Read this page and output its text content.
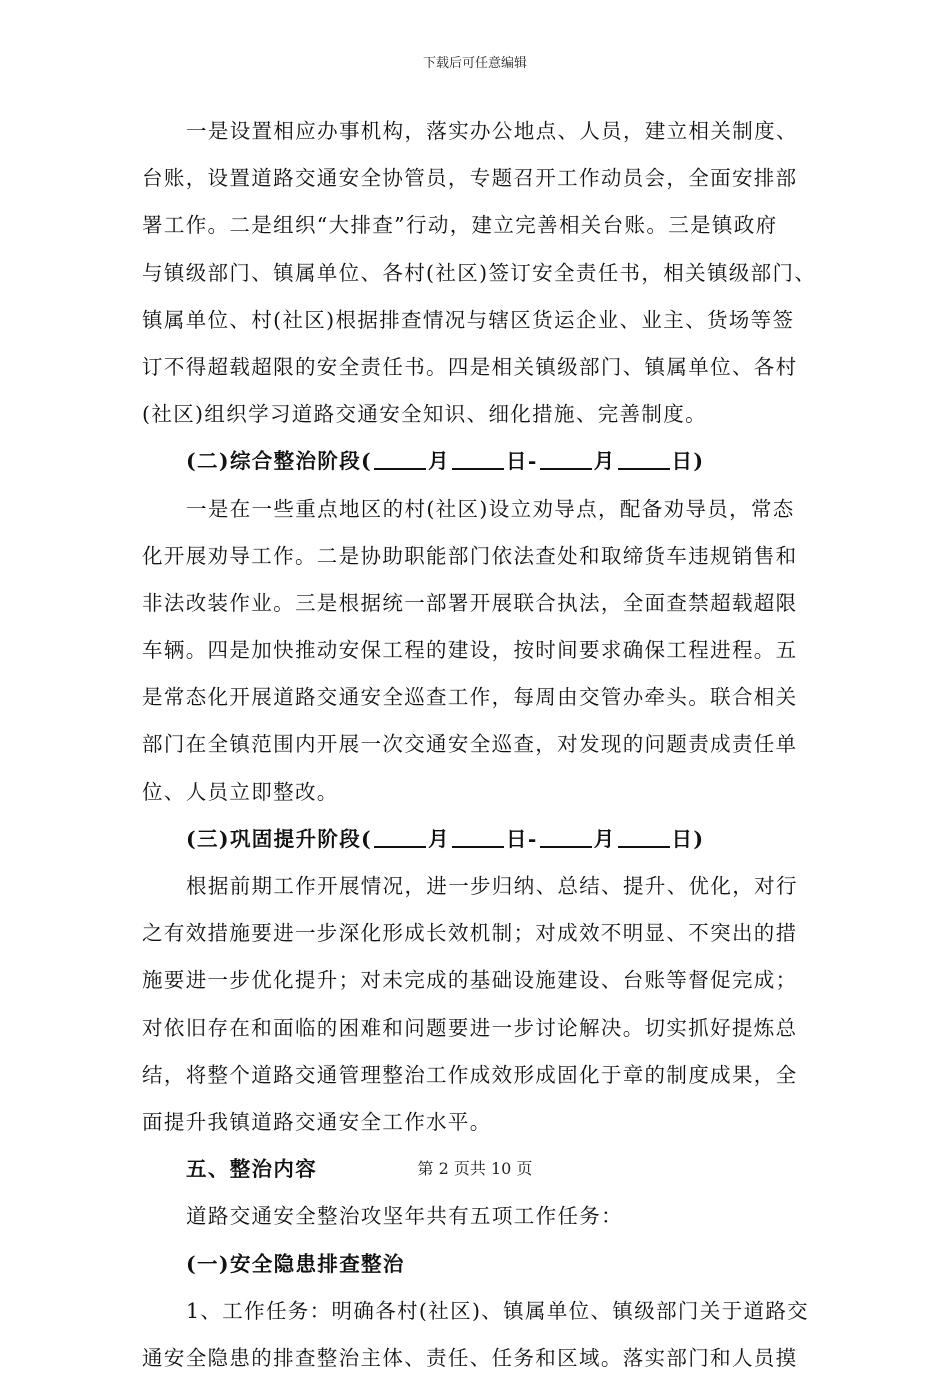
下载后可任意编辑
一是设置相应办事机构，落实办公地点、人员，建立相关制度、
台账，设置道路交通安全协管员，专题召开工作动员会，全面安排部
署工作。二是组织“大排查”行动，建立完善相关台账。三是镇政府
与镇级部门、镇属单位、各村(社区)签订安全责任书，相关镇级部门、
镇属单位、村(社区)根据排查情况与辖区货运企业、业主、货场等签
订不得超载超限的安全责任书。四是相关镇级部门、镇属单位、各村
(社区)组织学习道路交通安全知识、细化措施、完善制度。
(二)综合整治阶段(	月	日-	月	日)
一是在一些重点地区的村(社区)设立劝导点，配备劝导员，常态
化开展劝导工作。二是协助职能部门依法查处和取缔货车违规销售和
非法改装作业。三是根据统一部署开展联合执法，全面查禁超载超限
车辆。四是加快推动安保工程的建设，按时间要求确保工程进程。五
是常态化开展道路交通安全巡查工作，每周由交管办牵头。联合相关
部门在全镇范围内开展一次交通安全巡查，对发现的问题责成责任单
位、人员立即整改。
(三)巩固提升阶段(	月	日-	月	日)
根据前期工作开展情况，进一步归纳、总结、提升、优化，对行
之有效措施要进一步深化形成长效机制；对成效不明显、不突出的措
施要进一步优化提升；对未完成的基础设施建设、台账等督促完成；
对依旧存在和面临的困难和问题要进一步讨论解决。切实抓好提炼总
结，将整个道路交通管理整治工作成效形成固化于章的制度成果，全
面提升我镇道路交通安全工作水平。
五、整治内容
道路交通安全整治攻坚年共有五项工作任务：
(一)安全隐患排查整治
1、工作任务：明确各村(社区)、镇属单位、镇级部门关于道路交
通安全隐患的排查整治主体、责任、任务和区域。落实部门和人员摸
第 2 页共 10 页
